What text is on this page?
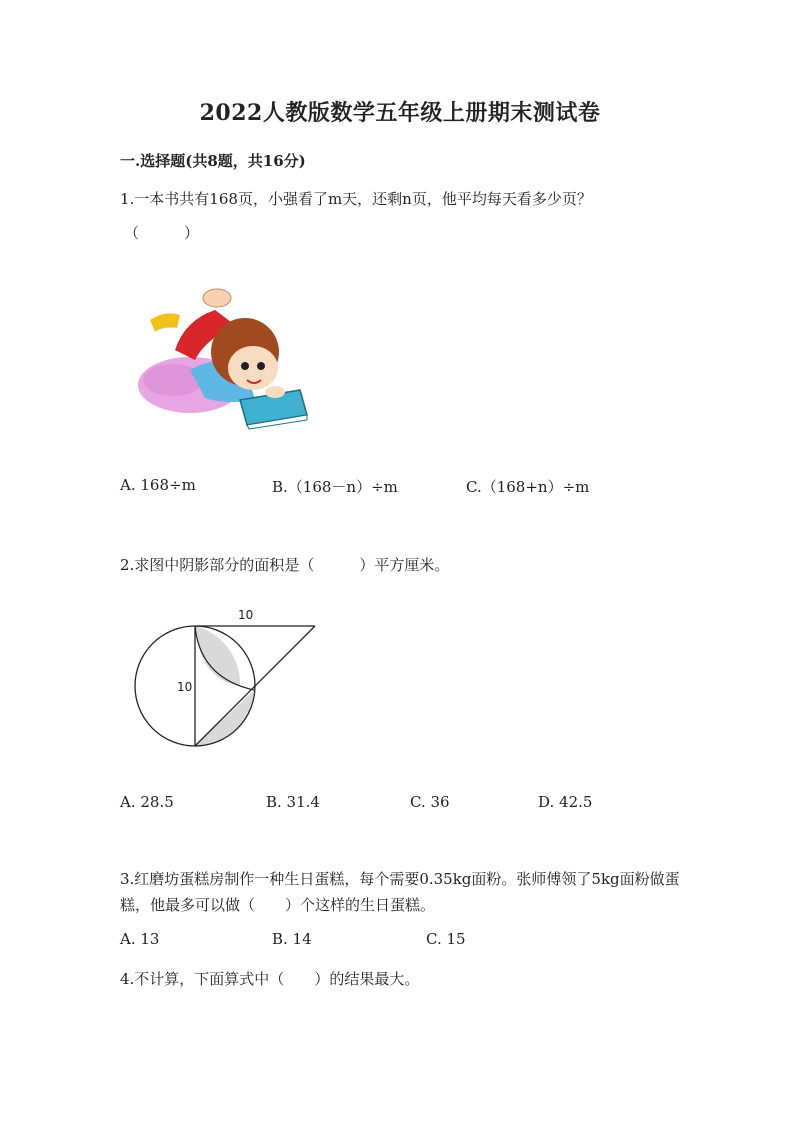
2022人教版数学五年级上册期末测试卷
一.选择题(共8题，共16分)
1.一本书共有168页，小强看了m天，还剩n页，他平均每天看多少页？
（　　　）
A. 168÷m	B.（168－n）÷m	C.（168+n）÷m
2.求图中阴影部分的面积是（　　　）平方厘米。
10
10
A. 28.5	B. 31.4	C. 36	D. 42.5
3.红磨坊蛋糕房制作一种生日蛋糕，每个需要0.35kg面粉。张师傅领了5kg面粉做蛋糕，他最多可以做（　　）个这样的生日蛋糕。
A. 13	B. 14	C. 15
4.不计算，下面算式中（　　）的结果最大。
